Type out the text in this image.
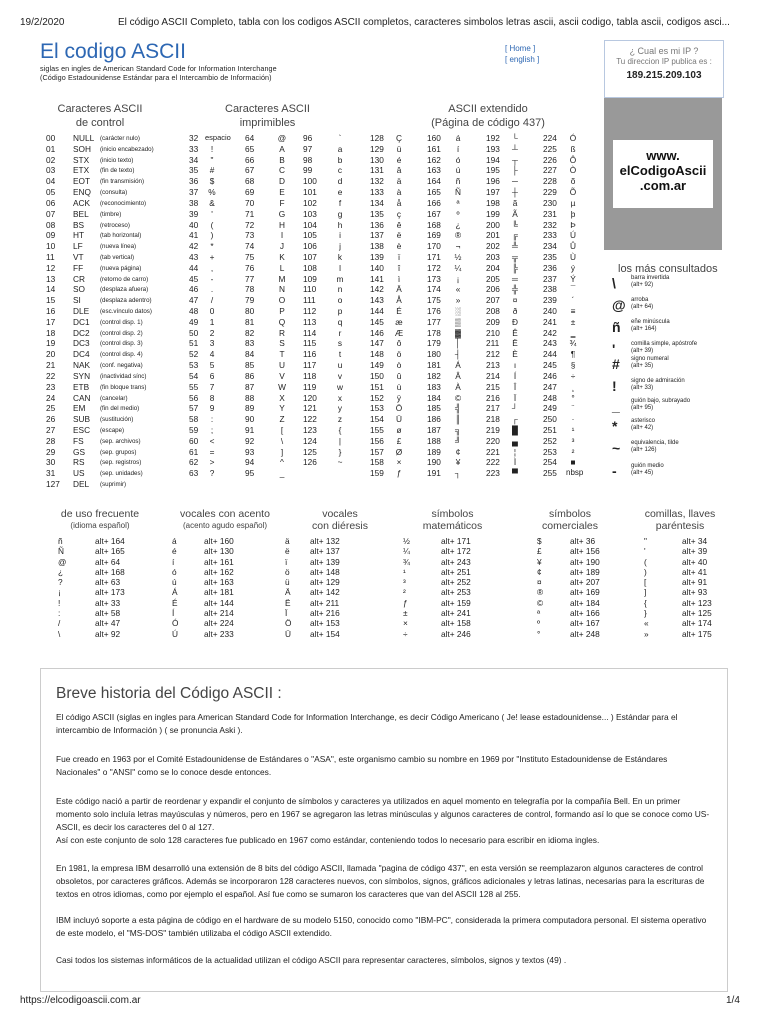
19/2/2020	El código ASCII Completo, tabla con los codigos ASCII completos, caracteres simbolos letras ascii, ascii codigo, tabla ascii, codigos asci...
El codigo ASCII
siglas en ingles de American Standard Code for Information Interchange
(Código Estadounidense Estándar para el Intercambio de Información)
[ Home ]
[ english ]
¿ Cual es mi IP ?
Tu direccion IP publica es :
189.215.209.103
Caracteres ASCII
de control
Caracteres ASCII
imprimibles
ASCII extendido
(Página de código 437)
www.
elCodigoAscii
.com.ar
00 NULL (carácter nulo)
01 SOH (inicio encabezado)
02 STX (inicio texto)
03 ETX (fin de texto)
04 EOT (fin transmisión)
05 ENQ (consulta)
06 ACK (reconocimiento)
07 BEL (timbre)
08 BS	(retroceso)
09 HT	(tab horizontal)
10 LF	(nueva línea)
11 VT	(tab vertical)
12 FF	(nueva página)
13 CR (retorno de carro)
14 SO (desplaza afuera)
15 SI	(desplaza adentro)
16 DLE (esc.vínculo datos)
17 DC1 (control disp. 1)
18 DC2 (control disp. 2)
19 DC3 (control disp. 3)
20 DC4 (control disp. 4)
21 NAK (conf. negativa)
22 SYN (inactividad sínc)
23 ETB (fin bloque trans)
24 CAN (cancelar)
25 EM (fin del medio)
26 SUB (sustitución)
27 ESC (escape)
28 FS	(sep. archivos)
29 GS (sep. grupos)
30 RS (sep. registros)
31 US (sep. unidades)
127 DEL (suprimir)
32 espacio 64	@	96	`
33	!	65	A	97	a
34	"	66	B	98	b
35	#	67	C	99	c
36	$	68	D	100	d
37	%	69	E	101	e
38	&	70	F	102	f
39	'	71	G	103	g
40	(	72	H	104	h
41	)	73	I	105	i
42	*	74	J	106	j
43	+	75	K	107	k
44	,	76	L	108	l
45	-	77	M	109	m
46	.	78	N	110	n
47	/	79	O	111	o
48	0	80	P	112	p
49	1	81	Q	113	q
50	2	82	R	114	r
51	3	83	S	115	s
52	4	84	T	116	t
53	5	85	U	117	u
54	6	86	V	118	v
55	7	87	W	119	w
56	8	88	X	120	x
57	9	89	Y	121	y
58	:	90	Z	122	z
59	;	91	[	123	{
60	<	92	\	124	|
61	=	93	]	125	}
62	>	94	^	126	~
63	?	95	_
128	Ç	160	á	192	└	224	Ó
129	ü	161	í	193	┴	225	ß
130	é	162	ó	194	┬	226	Ô
131	â	163	ú	195	├	227	Ò
132	ä	164	ñ	196	─	228	õ
133	à	165	Ñ	197	┼	229	Õ
134	å	166	ª	198	ã	230	µ
135	ç	167	º	199	Ã	231	þ
136	ê	168	¿	200	╚	232	Þ
137	ë	169	®	201	╔	233	Ú
138	è	170	¬	202	╩	234	Û
139	ï	171	½	203	╦	235	Ù
140	î	172	¼	204	╠	236	ý
141	ì	173	¡	205	═	237	Ý
142	Ä	174	«	206	╬	238	¯
143	Å	175	»	207	¤	239	´
144	É	176	░	208	ð	240	≡
145	æ	177	▒	209	Ð	241	±
146	Æ	178	▓	210	Ê	242	‗
147	ô	179	│	211	Ë	243	¾
148	ö	180	┤	212	È	244	¶
149	ò	181	Á	213	ı	245	§
150	û	182	Â	214	Í	246	÷
151	ù	183	À	215	Î	247	¸
152	ÿ	184	©	216	Ï	248	°
153	Ö	185	╣	217	┘	249	¨
154	Ü	186	║	218	┌	250	·
155	ø	187	╗	219	█	251	¹
156	£	188	╝	220	▄	252	³
157	Ø	189	¢	221	¦	253	²
158	×	190	¥	222	Ì	254	■
159	ƒ	191	┐	223	▀	255 nbsp
los más consultados
\	barra invertida
(alt+ 92)
@ arroba
(alt+ 64)
ñ eñe minúscula
(alt+ 164)
'	comilla simple, apóstrofe
(alt+ 39)
# signo numeral
(alt+ 35)
! signo de admiración
(alt+ 33)
_ guión bajo, subrayado
(alt+ 95)
* asterisco
(alt+ 42)
~ equivalencia, tilde
(alt+ 126)
- guión medio
(alt+ 45)
de uso frecuente
(idioma español)
ñ	alt+ 164
Ñ	alt+ 165
@	alt+ 64
¿	alt+ 168
?	alt+ 63
¡	alt+ 173
!	alt+ 33
:	alt+ 58
/	alt+ 47
\	alt+ 92
vocales con acento
(acento agudo español)
á	alt+ 160
é	alt+ 130
í	alt+ 161
ó	alt+ 162
ú	alt+ 163
Á	alt+ 181
É	alt+ 144
Í	alt+ 214
Ó	alt+ 224
Ú	alt+ 233
vocales
con diéresis
ä alt+ 132
ë alt+ 137
ï	alt+ 139
ö alt+ 148
ü alt+ 129
Ä alt+ 142
Ë alt+ 211
Ï	alt+ 216
Ö alt+ 153
Ü alt+ 154
símbolos
matemáticos
½	alt+ 171
¼	alt+ 172
¾	alt+ 243
¹	alt+ 251
³	alt+ 252
²	alt+ 253
ƒ	alt+ 159
±	alt+ 241
×	alt+ 158
÷	alt+ 246
símbolos
comerciales
$	alt+ 36
£	alt+ 156
¥	alt+ 190
¢	alt+ 189
¤	alt+ 207
®	alt+ 169
©	alt+ 184
ª	alt+ 166
º	alt+ 167
°	alt+ 248
comillas, llaves
paréntesis
"	alt+ 34
'	alt+ 39
(	alt+ 40
)	alt+ 41
[	alt+ 91
]	alt+ 93
{	alt+ 123
}	alt+ 125
«	alt+ 174
»	alt+ 175
Breve historia del Código ASCII :

El código ASCII (siglas en ingles para American Standard Code for Information Interchange, es decir Código Americano ( Je! lease estadounidense... ) Estándar para el intercambio de Información ) ( se pronuncia Aski ).

Fue creado en 1963 por el Comité Estadounidense de Estándares o "ASA", este organismo cambio su nombre en 1969 por "Instituto Estadounidense de Estándares Nacionales" o "ANSI" como se lo conoce desde entonces.

Este código nació a partir de reordenar y expandir el conjunto de símbolos y caracteres ya utilizados en aquel momento en telegrafía por la compañía Bell. En un primer momento solo incluía letras mayúsculas y números, pero en 1967 se agregaron las letras minúsculas y algunos caracteres de control, formando así lo que se conoce como US-ASCII, es decir los caracteres del 0 al 127.

Así con este conjunto de solo 128 caracteres fue publicado en 1967 como estándar, conteniendo todos lo necesario para escribir en idioma ingles.

En 1981, la empresa IBM desarrolló una extensión de 8 bits del código ASCII, llamada "pagina de código 437", en esta versión se reemplazaron algunos caracteres de control obsoletos, por caracteres gráficos. Además se incorporaron 128 caracteres nuevos, con símbolos, signos, gráficos adicionales y letras latinas, necesarias para la escrituras de textos en otros idiomas, como por ejemplo el español. Así fue como se sumaron los caracteres que van del ASCII 128 al 255.

IBM incluyó soporte a esta página de código en el hardware de su modelo 5150, conocido como "IBM-PC", considerada la primera computadora personal. El sistema operativo de este modelo, el "MS-DOS" también utilizaba el código ASCII extendido.

Casi todos los sistemas informáticos de la actualidad utilizan el código ASCII para representar caracteres, símbolos, signos y textos (49) .

https://elcodigoascii.com.ar	1/4
